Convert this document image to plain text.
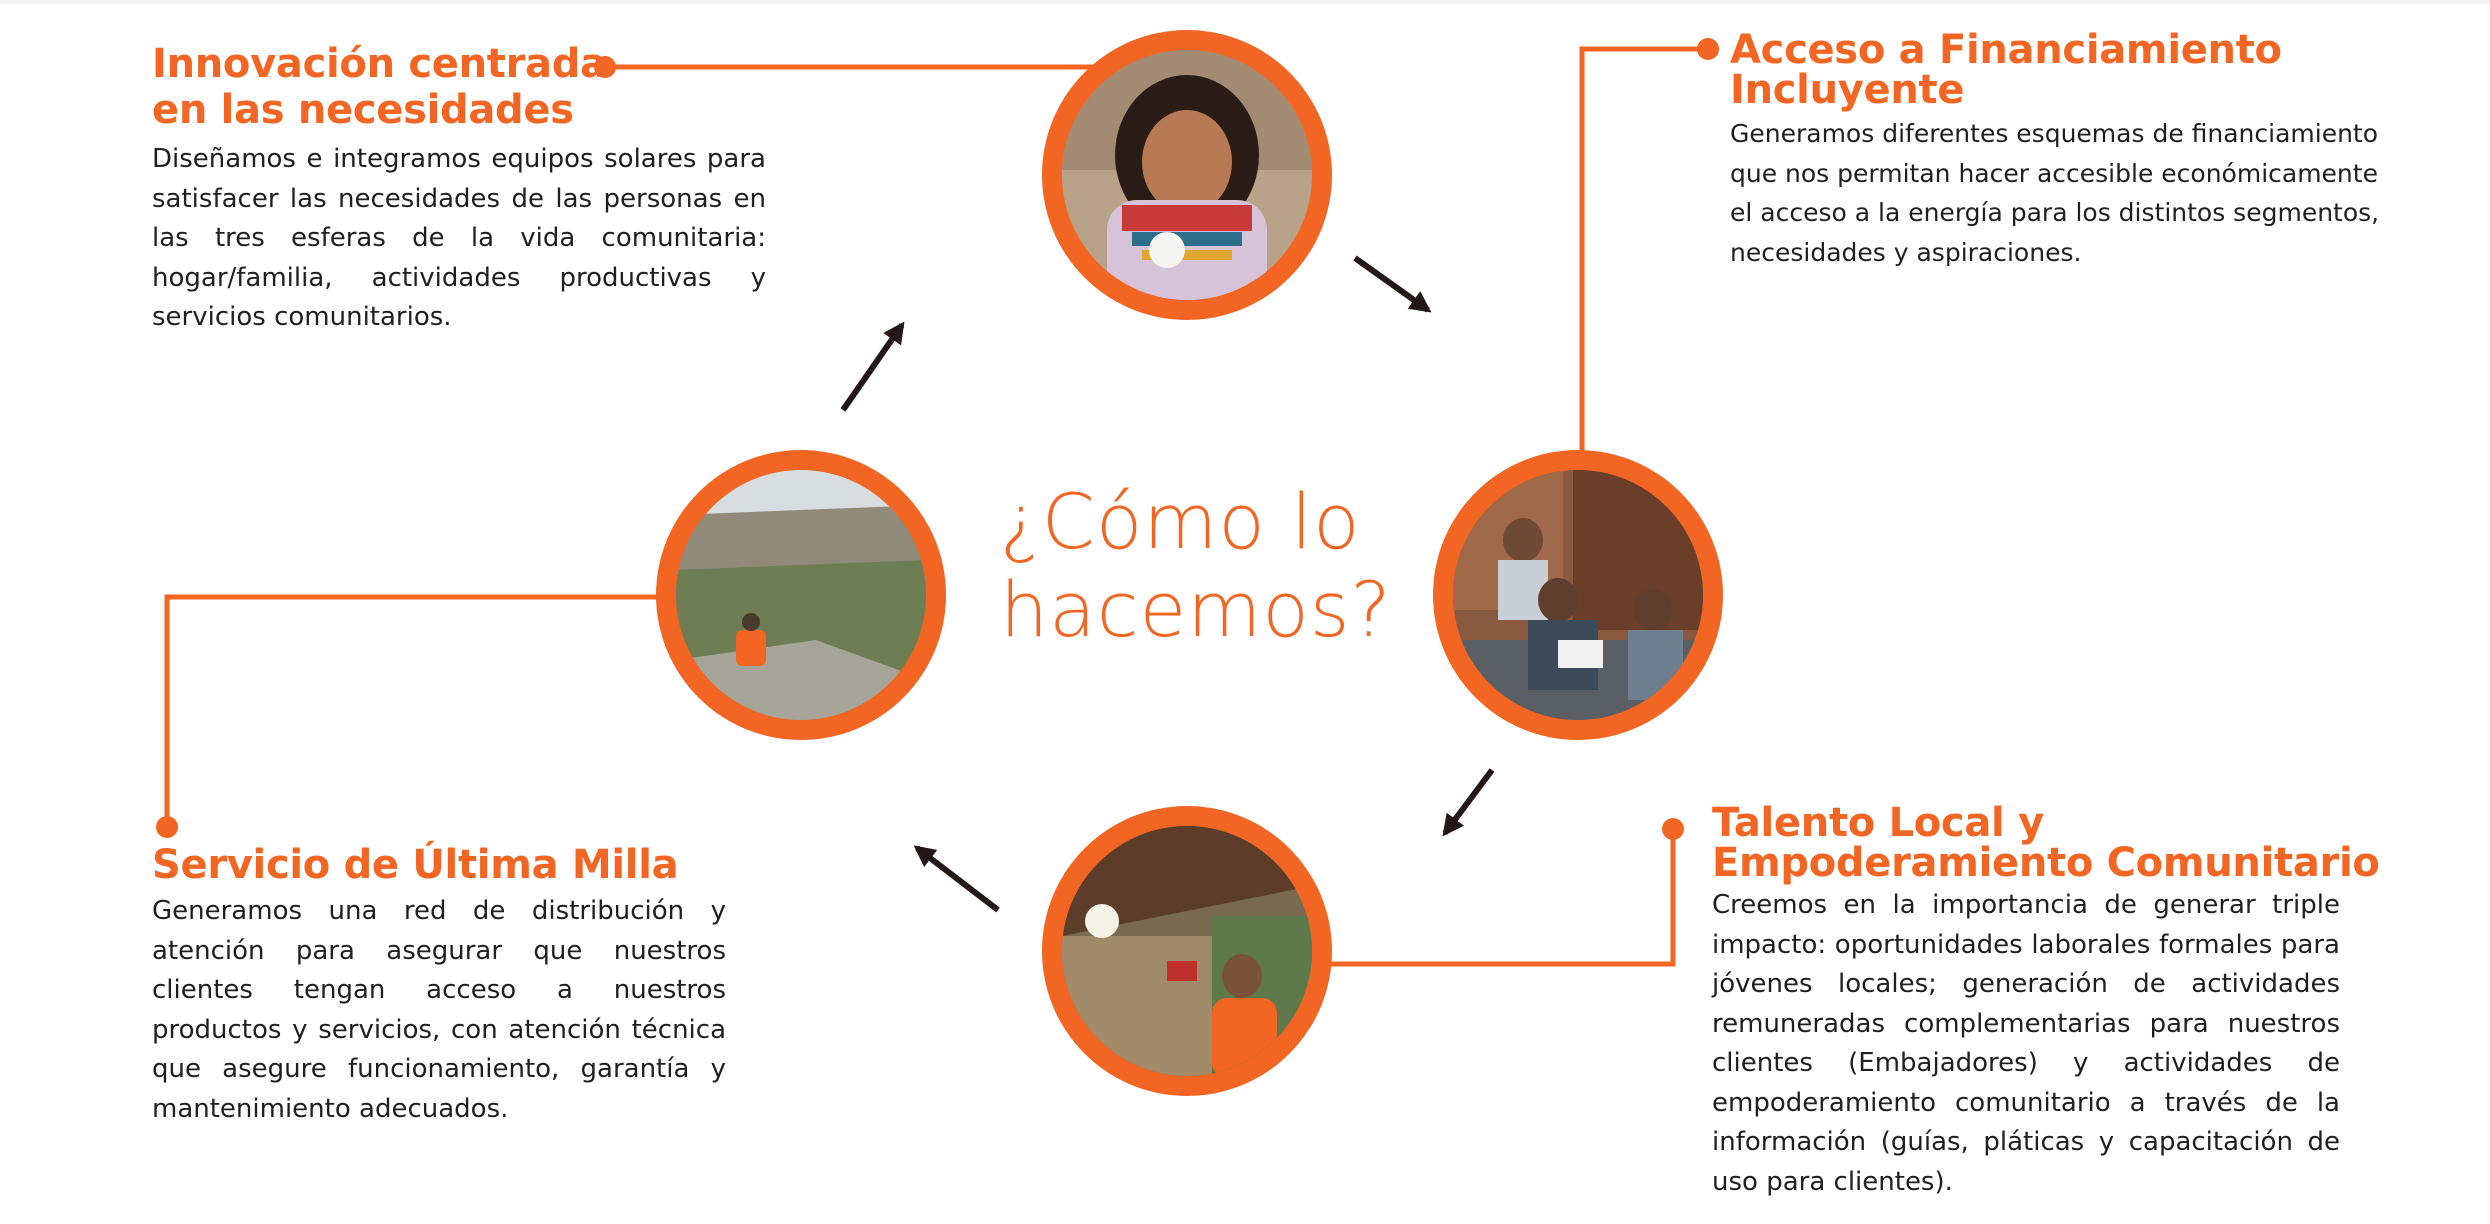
¿Cómo lo
hacemos?
Innovación centrada
en las necesidades

Diseñamos e integramos equipos solares para satisfacer las necesidades de las personas en las tres esferas de la vida comunitaria: hogar/familia, actividades productivas y servicios comunitarios.

Acceso a Financiamiento
Incluyente

Generamos diferentes esquemas de financiamiento
que nos permitan hacer accesible económicamente
el acceso a la energía para los distintos segmentos,
necesidades y aspiraciones.

Talento Local y
Empoderamiento Comunitario

Creemos en la importancia de generar triple impacto: oportunidades laborales formales para jóvenes locales; generación de actividades remuneradas complementarias para nuestros clientes (Embajadores) y actividades de empoderamiento comunitario a través de la información (guías, pláticas y capacitación de uso para clientes).

Servicio de Última Milla

Generamos una red de distribución y atención para asegurar que nuestros clientes tengan acceso a nuestros productos y servicios, con atención técnica que asegure funcionamiento, garantía y mantenimiento adecuados.
